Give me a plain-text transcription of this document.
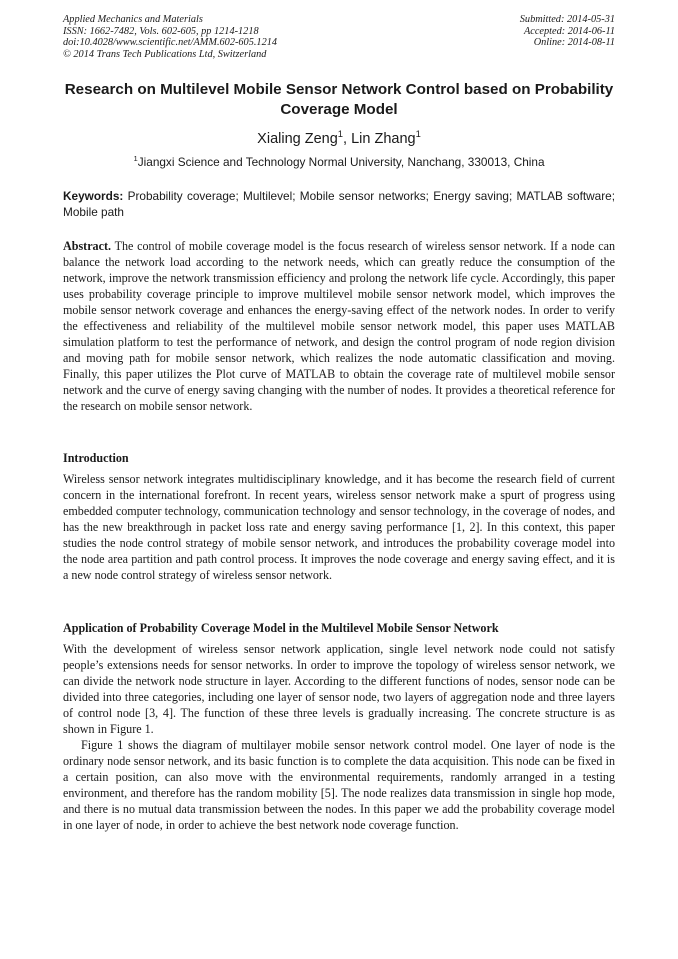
Applied Mechanics and Materials
ISSN: 1662-7482, Vols. 602-605, pp 1214-1218
doi:10.4028/www.scientific.net/AMM.602-605.1214
© 2014 Trans Tech Publications Ltd, Switzerland
Submitted: 2014-05-31
Accepted: 2014-06-11
Online: 2014-08-11
Research on Multilevel Mobile Sensor Network Control based on Probability Coverage Model
Xialing Zeng$^1$, Lin Zhang$^1$
$^1$Jiangxi Science and Technology Normal University, Nanchang, 330013, China
Keywords: Probability coverage; Multilevel; Mobile sensor networks; Energy saving; MATLAB software; Mobile path
Abstract. The control of mobile coverage model is the focus research of wireless sensor network. If a node can balance the network load according to the network needs, which can greatly reduce the consumption of the network, improve the network transmission efficiency and prolong the network life cycle. Accordingly, this paper uses probability coverage principle to improve multilevel mobile sensor network model, which improves the mobile sensor network coverage and enhances the energy-saving effect of the network nodes. In order to verify the effectiveness and reliability of the multilevel mobile sensor network model, this paper uses MATLAB simulation platform to test the performance of network, and design the control program of node region division and moving path for mobile sensor network, which realizes the node automatic classification and moving. Finally, this paper utilizes the Plot curve of MATLAB to obtain the coverage rate of multilevel mobile sensor network and the curve of energy saving changing with the number of nodes. It provides a theoretical reference for the research on mobile sensor network.
Introduction
Wireless sensor network integrates multidisciplinary knowledge, and it has become the research field of current concern in the international forefront. In recent years, wireless sensor network make a spurt of progress using embedded computer technology, communication technology and sensor technology, in the coverage of nodes, and has the new breakthrough in packet loss rate and energy saving performance [1, 2]. In this context, this paper studies the node control strategy of mobile sensor network, and introduces the probability coverage model into the node area partition and path control process. It improves the node coverage and energy saving effect, and it is a new node control strategy of wireless sensor network.
Application of Probability Coverage Model in the Multilevel Mobile Sensor Network
With the development of wireless sensor network application, single level network node could not satisfy people’s extensions needs for sensor networks. In order to improve the topology of wireless sensor network, we can divide the network node structure in layer. According to the different functions of nodes, sensor node can be divided into three categories, including one layer of sensor node, two layers of aggregation node and three layers of control node [3, 4]. The function of these three levels is gradually increasing. The concrete structure is as shown in Figure 1.
Figure 1 shows the diagram of multilayer mobile sensor network control model. One layer of node is the ordinary node sensor network, and its basic function is to complete the data acquisition. This node can be fixed in a certain position, can also move with the environmental requirements, randomly arranged in a testing environment, and therefore has the random mobility [5]. The node realizes data transmission in single hop mode, and there is no mutual data transmission between the nodes. In this paper we add the probability coverage model in one layer of node, in order to achieve the best network node coverage function.
